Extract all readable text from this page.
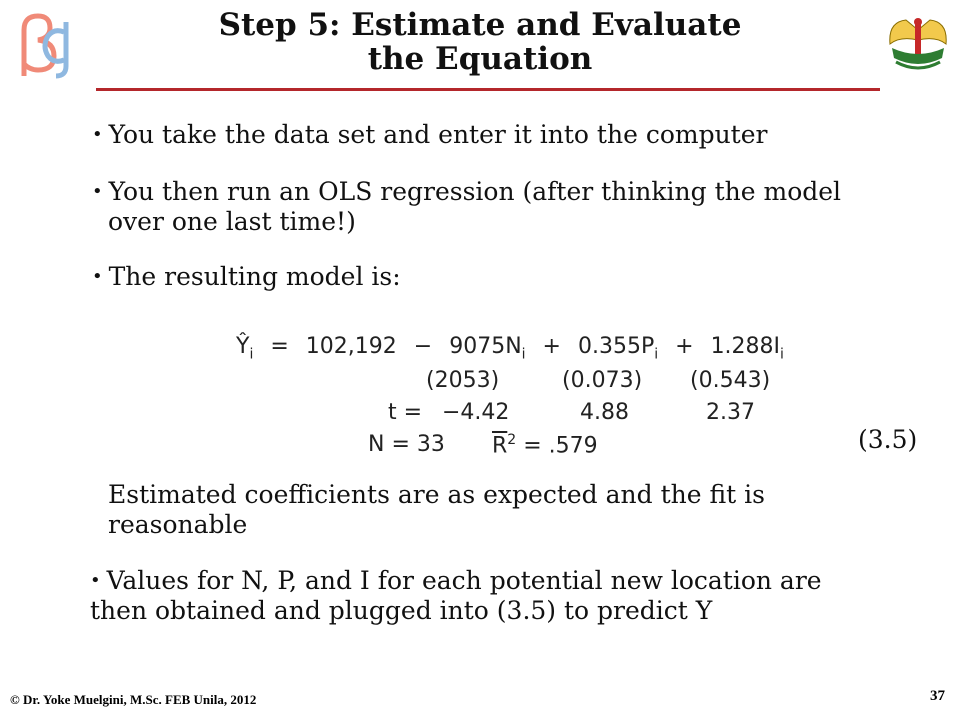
Step 5: Estimate and Evaluate
the Equation
• You take the data set and enter it into the computer
• You then run an OLS regression (after thinking the model
over one last time!)
• The resulting model is:
$Ŷ_i = 102,192 - 9075N_i + 0.355P_i + 1.288I_i$
(2053)	(0.073) (0.543)
t = −4.42	4.88	2.37
N = 33 $\overline{R}^2 = .579$	(3.5)
Estimated coefficients are as expected and the fit is
reasonable
• Values for N, P, and I for each potential new location are
then obtained and plugged into (3.5) to predict Y
© Dr. Yoke Muelgini, M.Sc. FEB Unila, 2012	37
